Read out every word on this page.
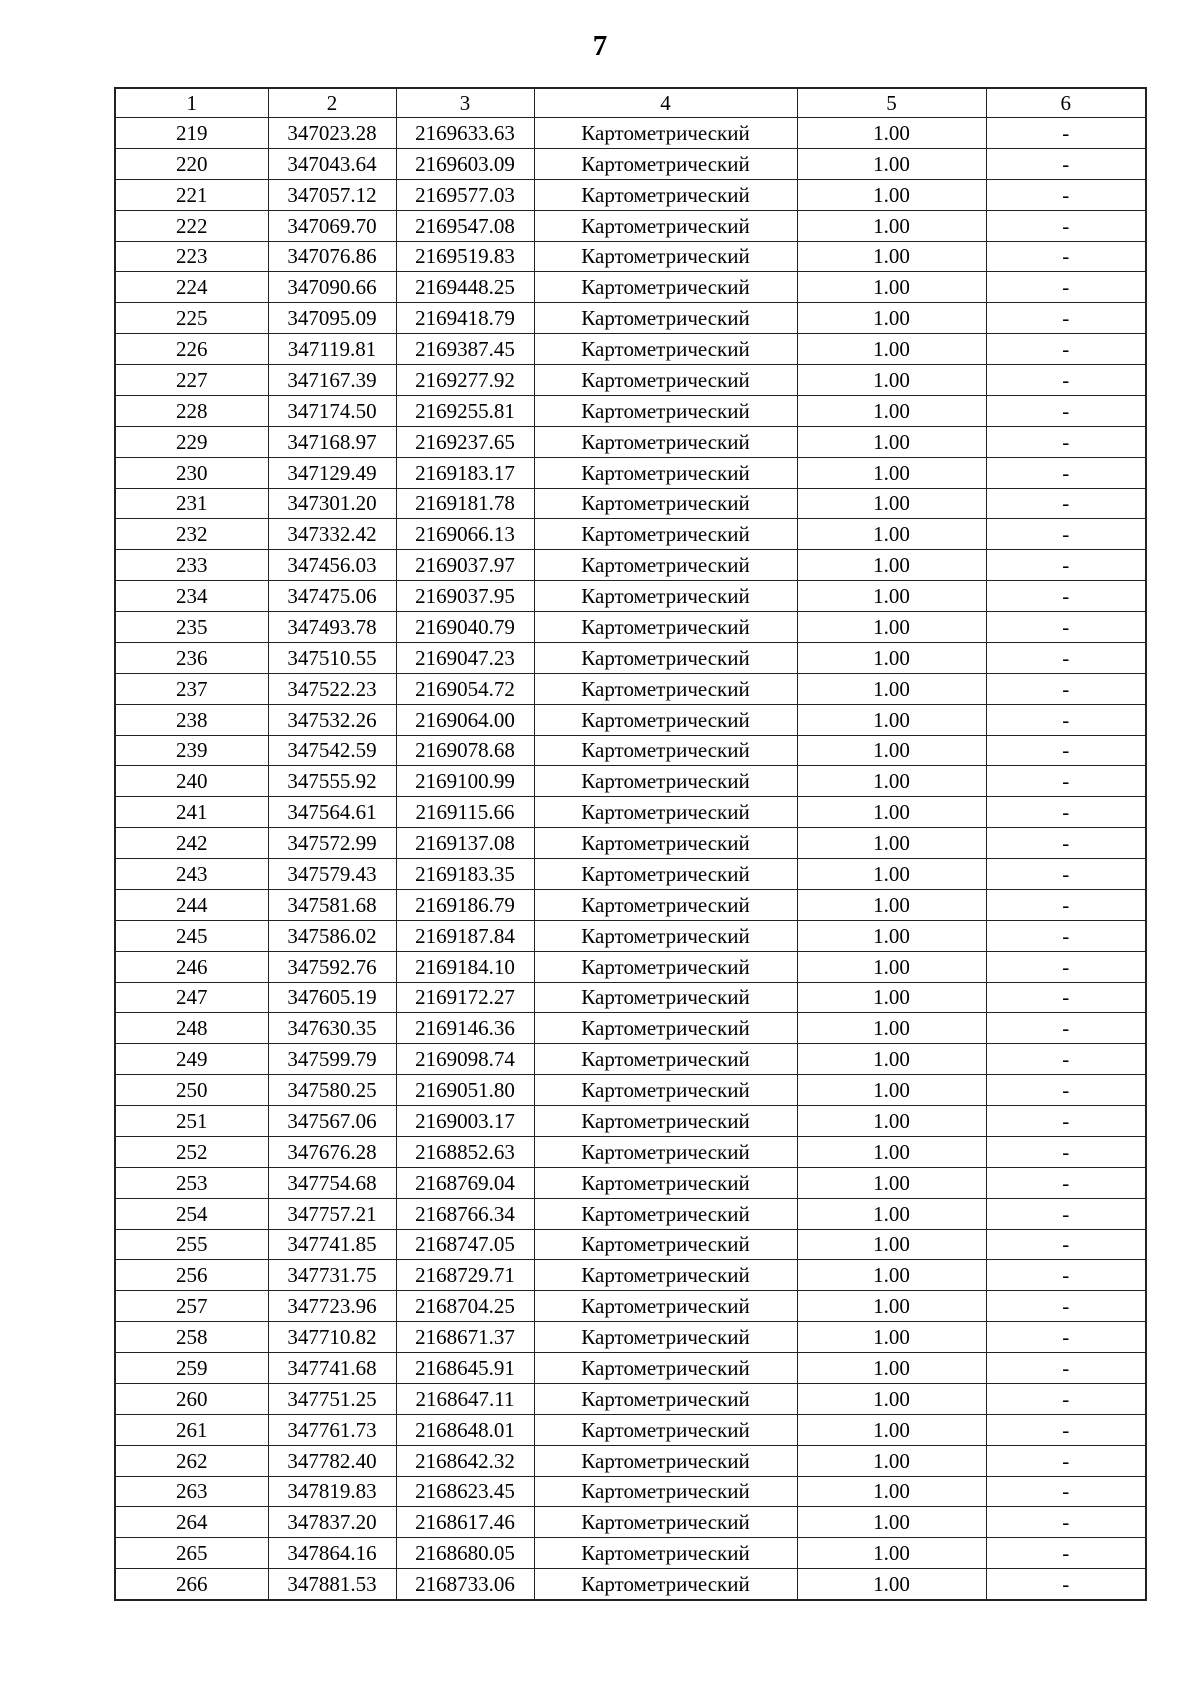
7
1	2	3	4	5	6
219	347023.28	2169633.63	Картометрический	1.00	-
220	347043.64	2169603.09	Картометрический	1.00	-
221	347057.12	2169577.03	Картометрический	1.00	-
222	347069.70	2169547.08	Картометрический	1.00	-
223	347076.86	2169519.83	Картометрический	1.00	-
224	347090.66	2169448.25	Картометрический	1.00	-
225	347095.09	2169418.79	Картометрический	1.00	-
226	347119.81	2169387.45	Картометрический	1.00	-
227	347167.39	2169277.92	Картометрический	1.00	-
228	347174.50	2169255.81	Картометрический	1.00	-
229	347168.97	2169237.65	Картометрический	1.00	-
230	347129.49	2169183.17	Картометрический	1.00	-
231	347301.20	2169181.78	Картометрический	1.00	-
232	347332.42	2169066.13	Картометрический	1.00	-
233	347456.03	2169037.97	Картометрический	1.00	-
234	347475.06	2169037.95	Картометрический	1.00	-
235	347493.78	2169040.79	Картометрический	1.00	-
236	347510.55	2169047.23	Картометрический	1.00	-
237	347522.23	2169054.72	Картометрический	1.00	-
238	347532.26	2169064.00	Картометрический	1.00	-
239	347542.59	2169078.68	Картометрический	1.00	-
240	347555.92	2169100.99	Картометрический	1.00	-
241	347564.61	2169115.66	Картометрический	1.00	-
242	347572.99	2169137.08	Картометрический	1.00	-
243	347579.43	2169183.35	Картометрический	1.00	-
244	347581.68	2169186.79	Картометрический	1.00	-
245	347586.02	2169187.84	Картометрический	1.00	-
246	347592.76	2169184.10	Картометрический	1.00	-
247	347605.19	2169172.27	Картометрический	1.00	-
248	347630.35	2169146.36	Картометрический	1.00	-
249	347599.79	2169098.74	Картометрический	1.00	-
250	347580.25	2169051.80	Картометрический	1.00	-
251	347567.06	2169003.17	Картометрический	1.00	-
252	347676.28	2168852.63	Картометрический	1.00	-
253	347754.68	2168769.04	Картометрический	1.00	-
254	347757.21	2168766.34	Картометрический	1.00	-
255	347741.85	2168747.05	Картометрический	1.00	-
256	347731.75	2168729.71	Картометрический	1.00	-
257	347723.96	2168704.25	Картометрический	1.00	-
258	347710.82	2168671.37	Картометрический	1.00	-
259	347741.68	2168645.91	Картометрический	1.00	-
260	347751.25	2168647.11	Картометрический	1.00	-
261	347761.73	2168648.01	Картометрический	1.00	-
262	347782.40	2168642.32	Картометрический	1.00	-
263	347819.83	2168623.45	Картометрический	1.00	-
264	347837.20	2168617.46	Картометрический	1.00	-
265	347864.16	2168680.05	Картометрический	1.00	-
266	347881.53	2168733.06	Картометрический	1.00	-
